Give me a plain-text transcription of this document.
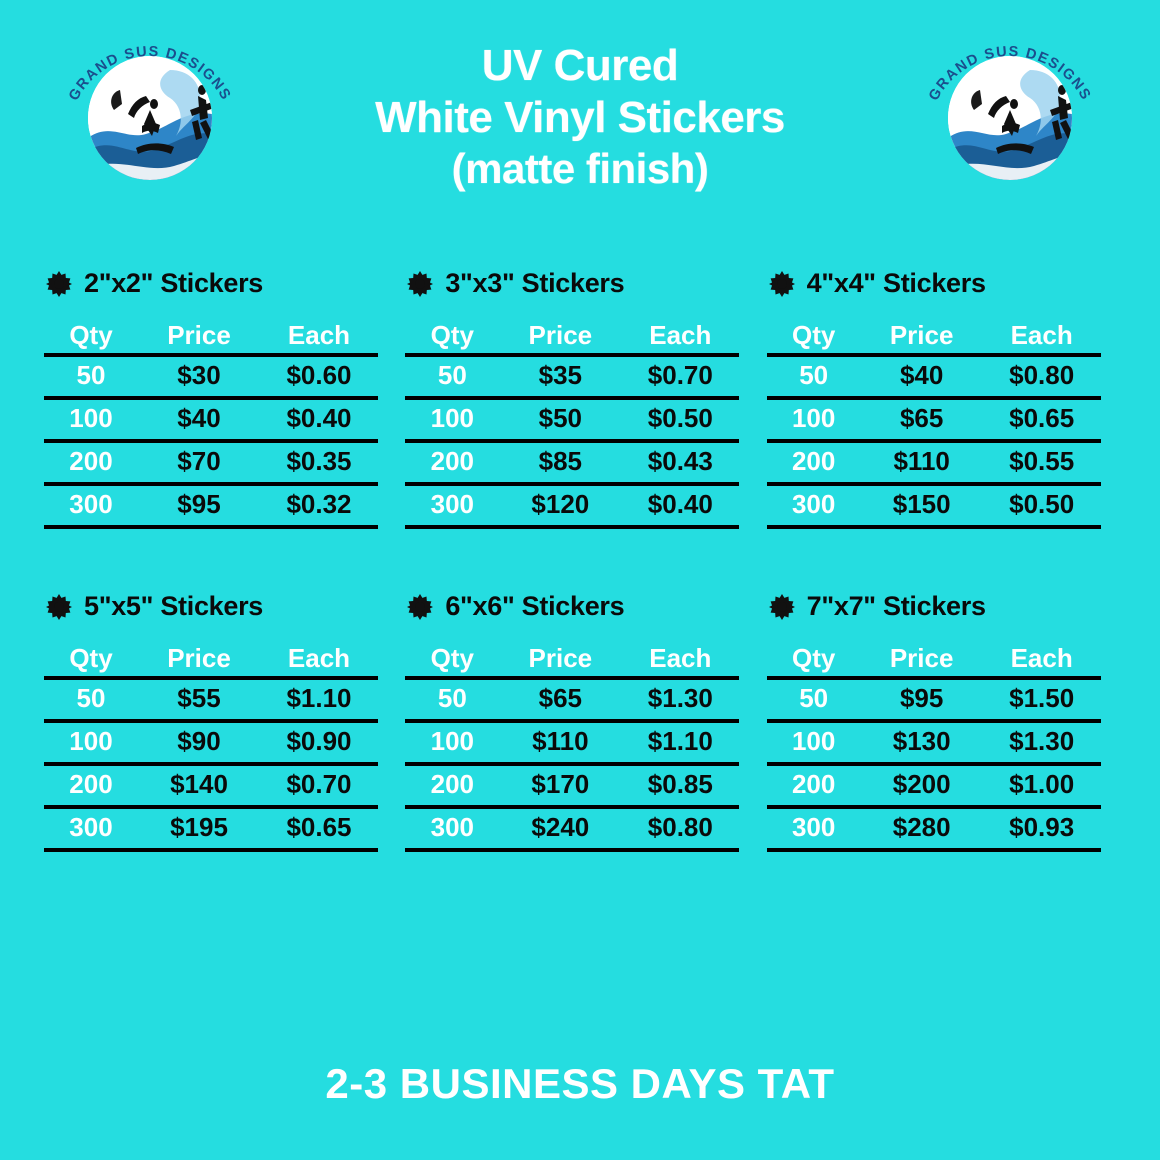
GRAND SUS DESIGNS
UV Cured
White Vinyl Stickers
(matte finish)
GRAND SUS DESIGNS
2"x2" Stickers
Qty	Price	Each
50	$30	$0.60
100	$40	$0.40
200	$70	$0.35
300	$95	$0.32
3"x3" Stickers
Qty	Price	Each
50	$35	$0.70
100	$50	$0.50
200	$85	$0.43
300	$120	$0.40
4"x4" Stickers
Qty	Price	Each
50	$40	$0.80
100	$65	$0.65
200	$110	$0.55
300	$150	$0.50
5"x5" Stickers
Qty	Price	Each
50	$55	$1.10
100	$90	$0.90
200	$140	$0.70
300	$195	$0.65
6"x6" Stickers
Qty	Price	Each
50	$65	$1.30
100	$110	$1.10
200	$170	$0.85
300	$240	$0.80
7"x7" Stickers
Qty	Price	Each
50	$95	$1.50
100	$130	$1.30
200	$200	$1.00
300	$280	$0.93
2-3 BUSINESS DAYS TAT
